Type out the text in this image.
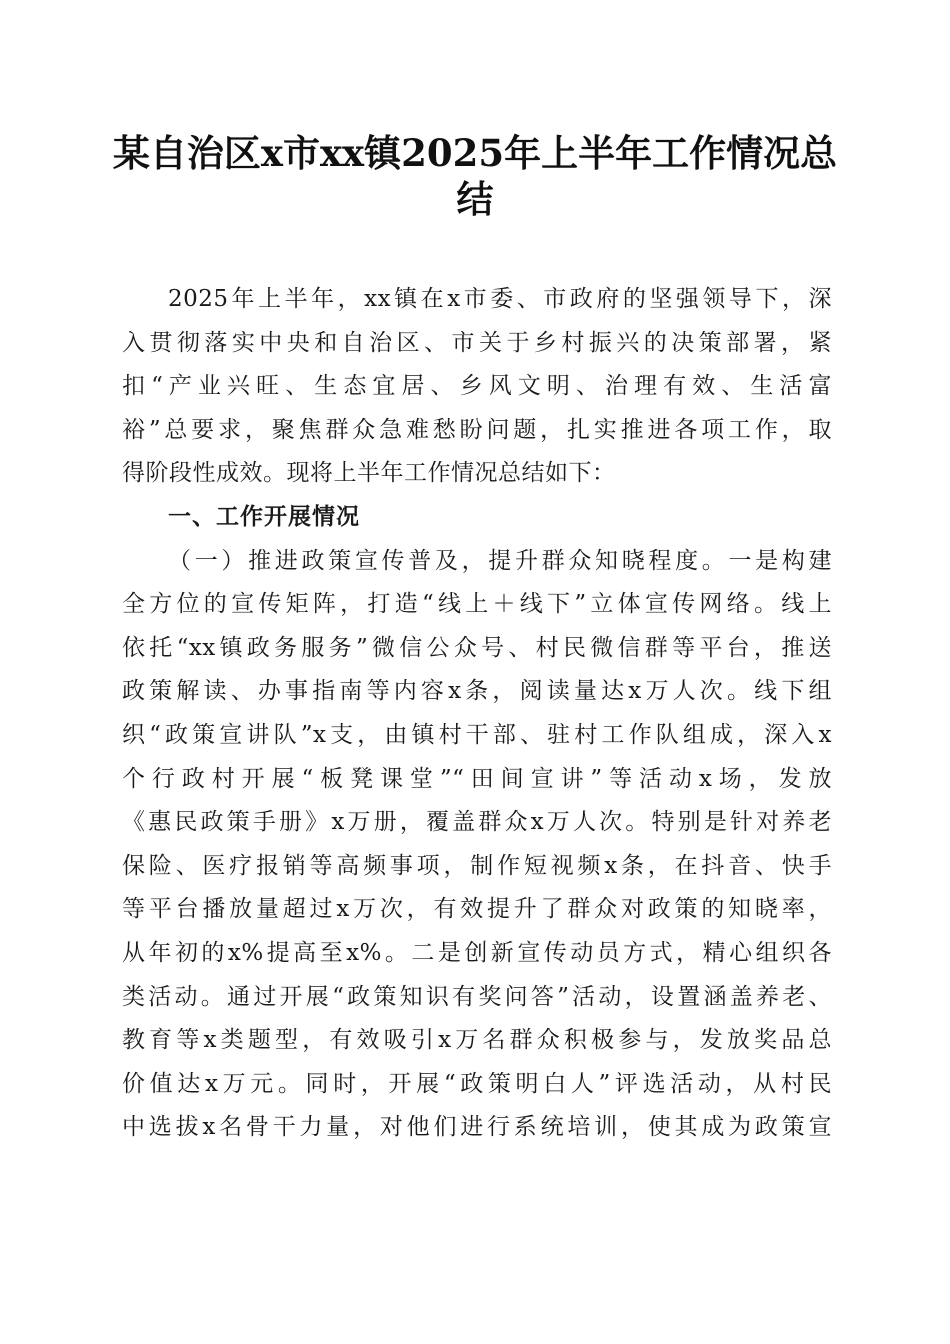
某自治区x市xx镇2025年上半年工作情况总结
2025年上半年，xx镇在x市委、市政府的坚强领导下，深
入贯彻落实中央和自治区、市关于乡村振兴的决策部署，紧
扣“产业兴旺、生态宜居、乡风文明、治理有效、生活富
裕”总要求，聚焦群众急难愁盼问题，扎实推进各项工作，取
得阶段性成效。现将上半年工作情况总结如下：
一、工作开展情况
（一）推进政策宣传普及，提升群众知晓程度。一是构建
全方位的宣传矩阵，打造“线上＋线下”立体宣传网络。线上
依托“xx镇政务服务”微信公众号、村民微信群等平台，推送
政策解读、办事指南等内容x条，阅读量达x万人次。线下组
织“政策宣讲队”x支，由镇村干部、驻村工作队组成，深入x
个行政村开展“板凳课堂”“田间宣讲”等活动x场，发放
《惠民政策手册》x万册，覆盖群众x万人次。特别是针对养老
保险、医疗报销等高频事项，制作短视频x条，在抖音、快手
等平台播放量超过x万次，有效提升了群众对政策的知晓率，
从年初的x%提高至x%。二是创新宣传动员方式，精心组织各
类活动。通过开展“政策知识有奖问答”活动，设置涵盖养老、
教育等x类题型，有效吸引x万名群众积极参与，发放奖品总
价值达x万元。同时，开展“政策明白人”评选活动，从村民
中选拔x名骨干力量，对他们进行系统培训，使其成为政策宣
